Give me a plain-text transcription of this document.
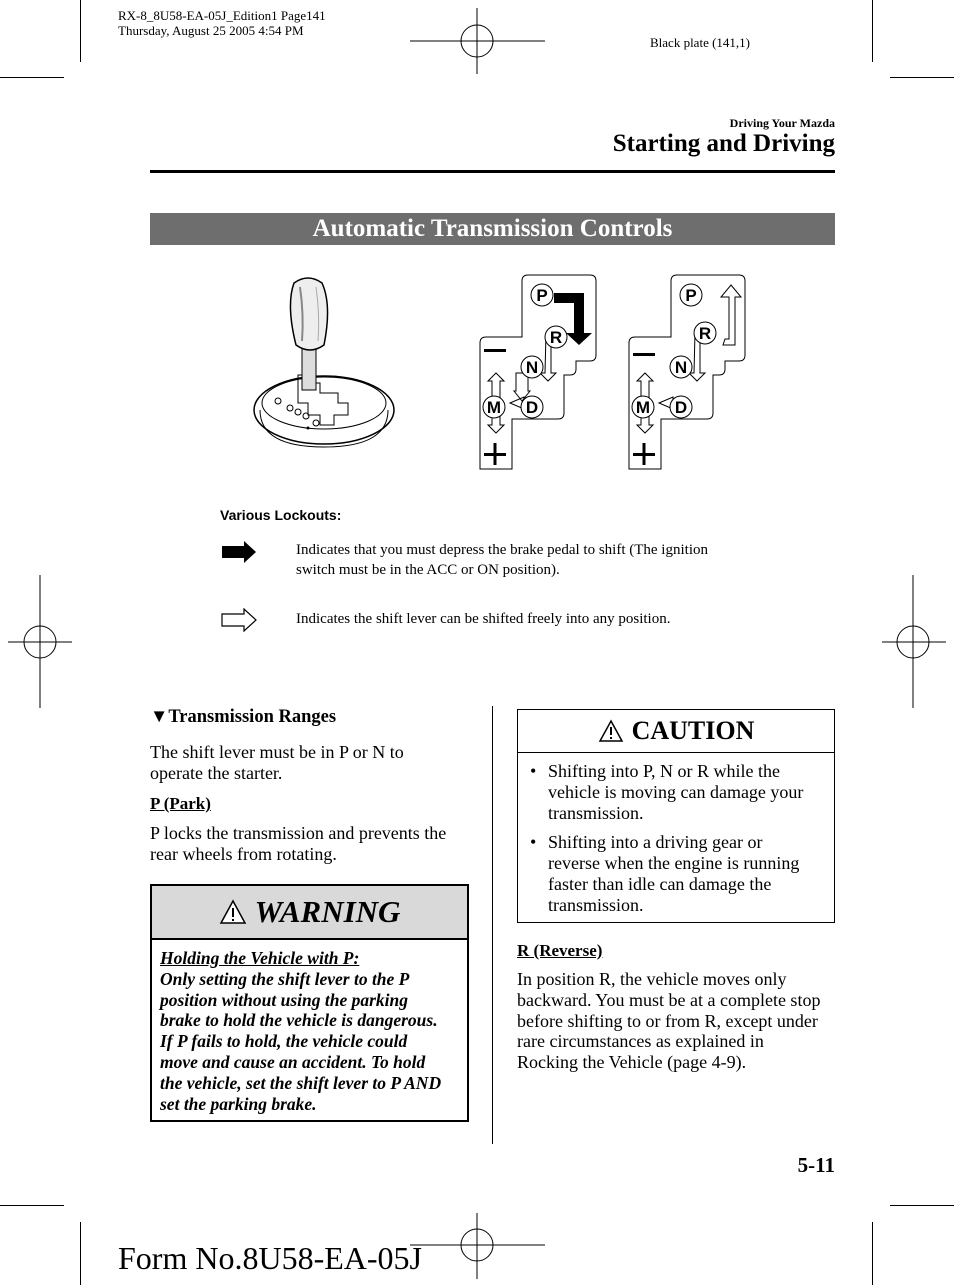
RX-8_8U58-EA-05J_Edition1 Page141
Thursday, August 25 2005 4:54 PM
Black plate (141,1)
Driving Your Mazda
Starting and Driving
Automatic Transmission Controls
P
R
N
M D
P
R
N
M D
Various Lockouts:
Indicates that you must depress the brake pedal to shift (The ignition
switch must be in the ACC or ON position).
Indicates the shift lever can be shifted freely into any position.
▼Transmission Ranges
The shift lever must be in P or N to
operate the starter.
P (Park)
P locks the transmission and prevents the
rear wheels from rotating.
WARNING
Holding the Vehicle with P:
Only setting the shift lever to the P
position without using the parking
brake to hold the vehicle is dangerous.
If P fails to hold, the vehicle could
move and cause an accident. To hold
the vehicle, set the shift lever to P AND
set the parking brake.
CAUTION
• Shifting into P, N or R while the
vehicle is moving can damage your
transmission.
• Shifting into a driving gear or
reverse when the engine is running
faster than idle can damage the
transmission.
R (Reverse)
In position R, the vehicle moves only
backward. You must be at a complete stop
before shifting to or from R, except under
rare circumstances as explained in
Rocking the Vehicle (page 4-9).
5-11
Form No.8U58-EA-05J
